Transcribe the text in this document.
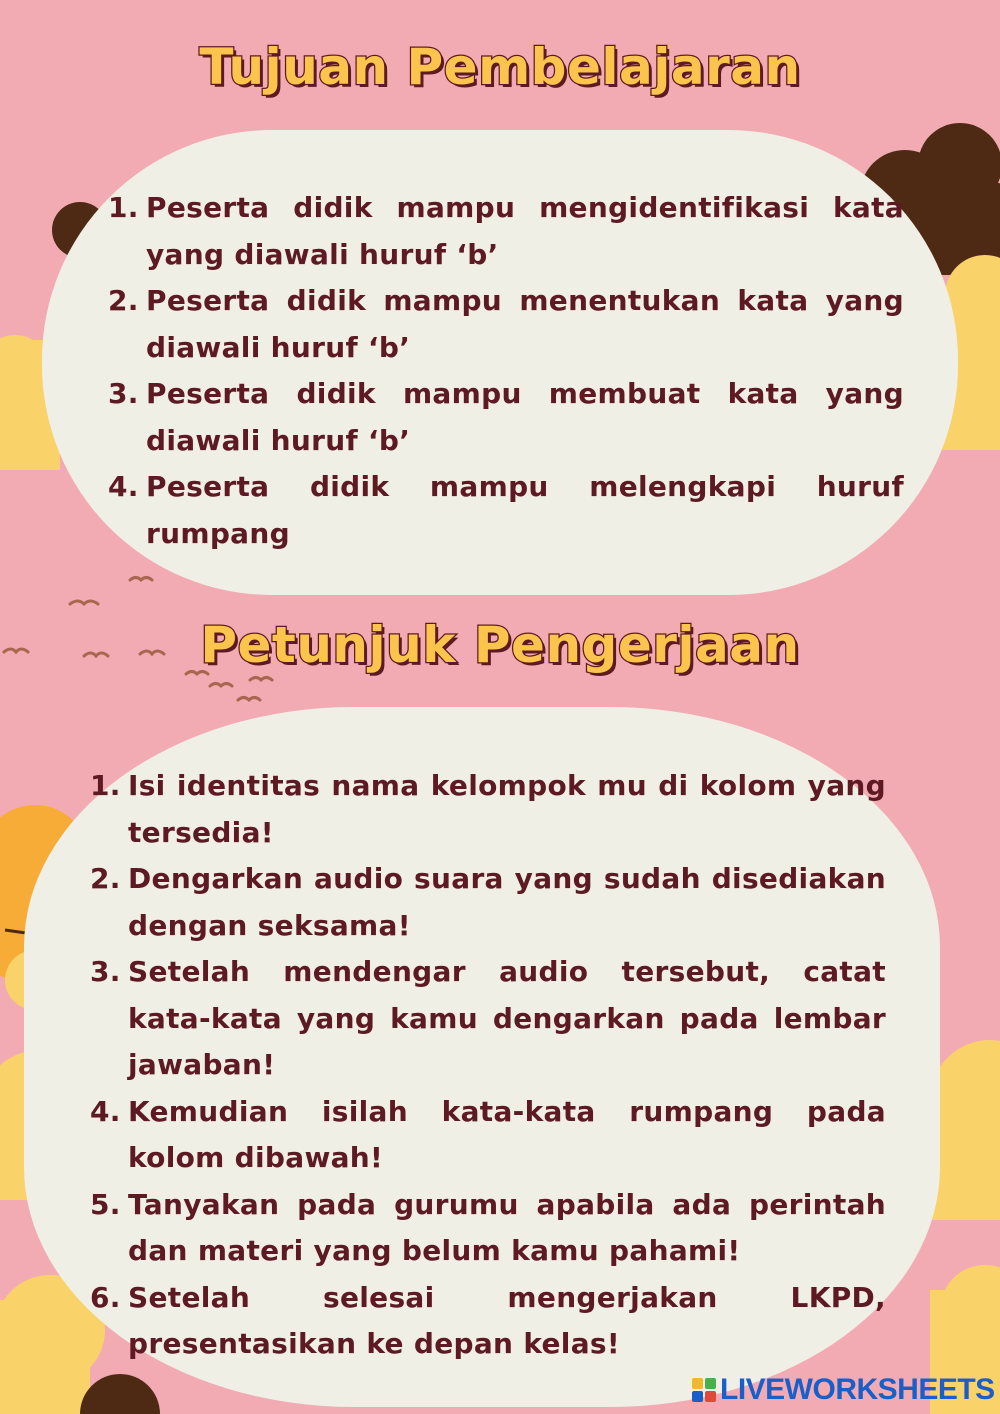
Tujuan Pembelajaran
1. Peserta didik mampu mengidentifikasi kata yang diawali huruf ‘b’
2. Peserta didik mampu menentukan kata yang diawali huruf ‘b’
3. Peserta didik mampu membuat kata yang diawali huruf ‘b’
4. Peserta didik mampu melengkapi huruf rumpang
Petunjuk Pengerjaan
1. Isi identitas nama kelompok mu di kolom yang tersedia!
2. Dengarkan audio suara yang sudah disediakan dengan seksama!
3. Setelah mendengar audio tersebut, catat kata-kata yang kamu dengarkan pada lembar jawaban!
4. Kemudian isilah kata-kata rumpang pada kolom dibawah!
5. Tanyakan pada gurumu apabila ada perintah dan materi yang belum kamu pahami!
6. Setelah selesai mengerjakan LKPD, presentasikan ke depan kelas!
LIVEWORKSHEETS
